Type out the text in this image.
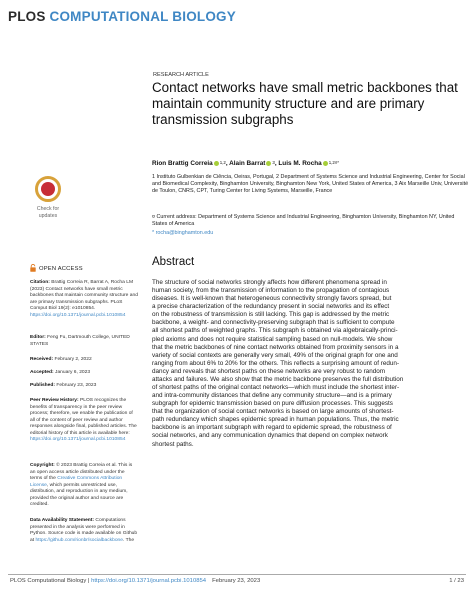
PLOS COMPUTATIONAL BIOLOGY
Check for
updates
OPEN ACCESS
Citation: Brattig Correia R, Barrat A, Rocha LM (2023) Contact networks have small metric backbones that maintain community structure and are primary transmission subgraphs. PLoS Comput Biol 19(2): e1010854. https://doi.org/10.1371/journal.pcbi.1010854
Editor: Feng Fu, Dartmouth College, UNITED STATES
Received: February 2, 2022
Accepted: January 6, 2023
Published: February 23, 2023
Peer Review History: PLOS recognizes the benefits of transparency in the peer review process; therefore, we enable the publication of all of the content of peer review and author responses alongside final, published articles. The editorial history of this article is available here: https://doi.org/10.1371/journal.pcbi.1010854
Copyright: © 2023 Brattig Correia et al. This is an open access article distributed under the terms of the Creative Commons Attribution License, which permits unrestricted use, distribution, and reproduction in any medium, provided the original author and source are credited.
Data Availability Statement: Computations presented in the analysis were performed in Python. Source code is made available on Github at https://github.com/rionbr/socialbackbone. The
RESEARCH ARTICLE
Contact networks have small metric backbones that maintain community structure and are primary transmission subgraphs
Rion Brattig Correia $^{1,2}$, Alain Barrat $^3$, Luis M. Rocha $^{1,2¤*}$

1 Instituto Gulbenkian de Ciência, Oeiras, Portugal, 2 Department of Systems Science and Industrial Engineering, Center for Social and Biomedical Complexity, Binghamton University, Binghamton New York, United States of America, 3 Aix Marseille Univ, Université de Toulon, CNRS, CPT, Turing Center for Living Systems, Marseille, France

¤ Current address: Department of Systems Science and Industrial Engineering, Binghamton University, Binghamton NY, United States of America
* rocha@binghamton.edu
Abstract
The structure of social networks strongly affects how different phenomena spread in
human society, from the transmission of information to the propagation of contagious
diseases. It is well-known that heterogeneous connectivity strongly favors spread, but
a precise characterization of the redundancy present in social networks and its effect
on the robustness of transmission is still lacking. This gap is addressed by the metric
backbone, a weight- and connectivity-preserving subgraph that is sufficient to compute
all shortest paths of weighted graphs. This subgraph is obtained via algebraically-princi-
pled axioms and does not require statistical sampling based on null-models. We show
that the metric backbones of nine contact networks obtained from proximity sensors in a
variety of social contexts are generally very small, 49% of the original graph for one and
ranging from about 6% to 20% for the others. This reflects a surprising amount of redun-
dancy and reveals that shortest paths on these networks are very robust to random
attacks and failures. We also show that the metric backbone preserves the full distribution
of shortest paths of the original contact networks—which must include the shortest inter-
and intra-community distances that define any community structure—and is a primary
subgraph for epidemic transmission based on pure diffusion processes. This suggests
that the organization of social contact networks is based on large amounts of shortest-
path redundancy which shapes epidemic spread in human populations. Thus, the metric
backbone is an important subgraph with regard to epidemic spread, the robustness of
social networks, and any communication dynamics that depend on complex network
shortest paths.
PLOS Computational Biology | https://doi.org/10.1371/journal.pcbi.1010854 February 23, 2023	1 / 23
